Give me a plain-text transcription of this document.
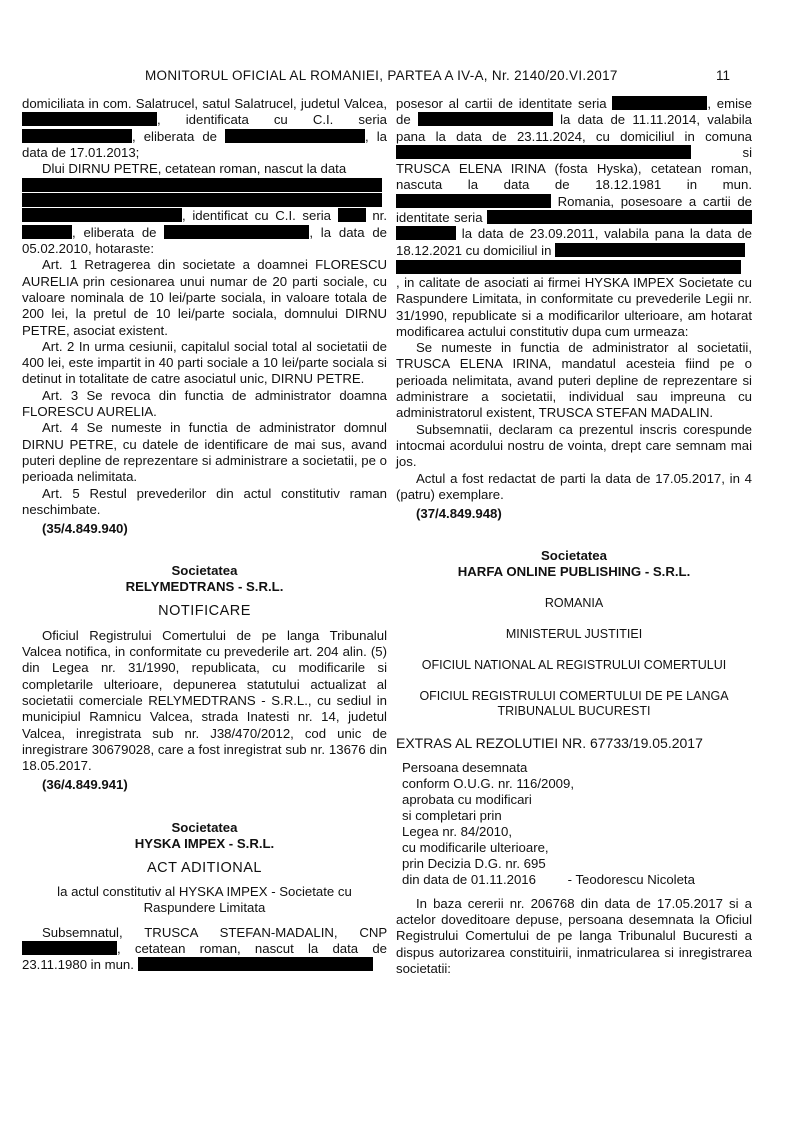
MONITORUL OFICIAL AL ROMANIEI, PARTEA A IV-A, Nr. 2140/20.VI.2017	11

domiciliata in com. Salatrucel, satul Salatrucel, judetul Valcea, , identificata cu C.I. seria , eliberata de	, la data de 17.01.2013;

Dlui DIRNU PETRE, cetatean roman, nascut la data

, identificat cu C.I. seria	nr. , eliberata de	, la data de 05.02.2010, hotaraste:

Art. 1 Retragerea din societate a doamnei FLORESCU AURELIA prin cesionarea unui numar de 20 parti sociale, cu valoare nominala de 10 lei/parte sociala, in valoare totala de 200 lei, la pretul de 10 lei/parte sociala, domnului DIRNU PETRE, asociat existent.

Art. 2 In urma cesiunii, capitalul social total al societatii de 400 lei, este impartit in 40 parti sociale a 10 lei/parte sociala si detinut in totalitate de catre asociatul unic, DIRNU PETRE.

Art. 3 Se revoca din functia de administrator doamna FLORESCU AURELIA.

Art. 4 Se numeste in functia de administrator domnul DIRNU PETRE, cu datele de identificare de mai sus, avand puteri depline de reprezentare si administrare a societatii, pe o perioada nelimitata.

Art. 5 Restul prevederilor din actul constitutiv raman neschimbate.

(35/4.849.940)
Societatea
RELYMEDTRANS - S.R.L.
NOTIFICARE

Oficiul Registrului Comertului de pe langa Tribunalul Valcea notifica, in conformitate cu prevederile art. 204 alin. (5) din Legea nr. 31/1990, republicata, cu modificarile si completarile ulterioare, depunerea statutului actualizat al societatii comerciale RELYMEDTRANS - S.R.L., cu sediul in municipiul Ramnicu Valcea, strada Inatesti nr. 14, judetul Valcea, inregistrata sub nr. J38/470/2012, cod unic de inregistrare 30679028, care a fost inregistrat sub nr. 13676 din 18.05.2017.

(36/4.849.941)
Societatea
HYSKA IMPEX - S.R.L.
ACT ADITIONAL

la actul constitutiv al HYSKA IMPEX - Societate cu Raspundere Limitata

Subsemnatul, TRUSCA STEFAN-MADALIN, CNP , cetatean roman, nascut la data de 23.11.1980 in mun.

posesor al cartii de identitate seria	, emise de	la data de 11.11.2014, valabila pana la data de 23.11.2024, cu domiciliul in comuna  si TRUSCA ELENA IRINA (fosta Hyska), cetatean roman, nascuta la data de 18.12.1981 in mun.  Romania, posesoare a cartii de identitate seria   la data de 23.09.2011, valabila pana la data de 18.12.2021 cu domiciliul in

, in calitate de asociati ai firmei HYSKA IMPEX Societate cu Raspundere Limitata, in conformitate cu prevederile Legii nr. 31/1990, republicate si a modificarilor ulterioare, am hotarat modificarea actului constitutiv dupa cum urmeaza:

Se numeste in functia de administrator al societatii, TRUSCA ELENA IRINA, mandatul acesteia fiind pe o perioada nelimitata, avand puteri depline de reprezentare si administrare a societatii, individual sau impreuna cu administratorul existent, TRUSCA STEFAN MADALIN.

Subsemnatii, declaram ca prezentul inscris corespunde intocmai acordului nostru de vointa, drept care semnam mai jos.

Actul a fost redactat de parti la data de 17.05.2017, in 4 (patru) exemplare.

(37/4.849.948)
Societatea
HARFA ONLINE PUBLISHING - S.R.L.
ROMANIA
MINISTERUL JUSTITIEI
OFICIUL NATIONAL AL REGISTRULUI COMERTULUI
OFICIUL REGISTRULUI COMERTULUI DE PE LANGA TRIBUNALUL BUCURESTI
EXTRAS AL REZOLUTIEI NR. 67733/19.05.2017
Persoana desemnata
conform O.U.G. nr. 116/2009,
aprobata cu modificari
si completari prin
Legea nr. 84/2010,
cu modificarile ulterioare,
prin Decizia D.G. nr. 695
din data de 01.11.2016 - Teodorescu Nicoleta

In baza cererii nr. 206768 din data de 17.05.2017 si a actelor doveditoare depuse, persoana desemnata la Oficiul Registrului Comertului de pe langa Tribunalul Bucuresti a dispus autorizarea constituirii, inmatricularea si inregistrarea societatii:
